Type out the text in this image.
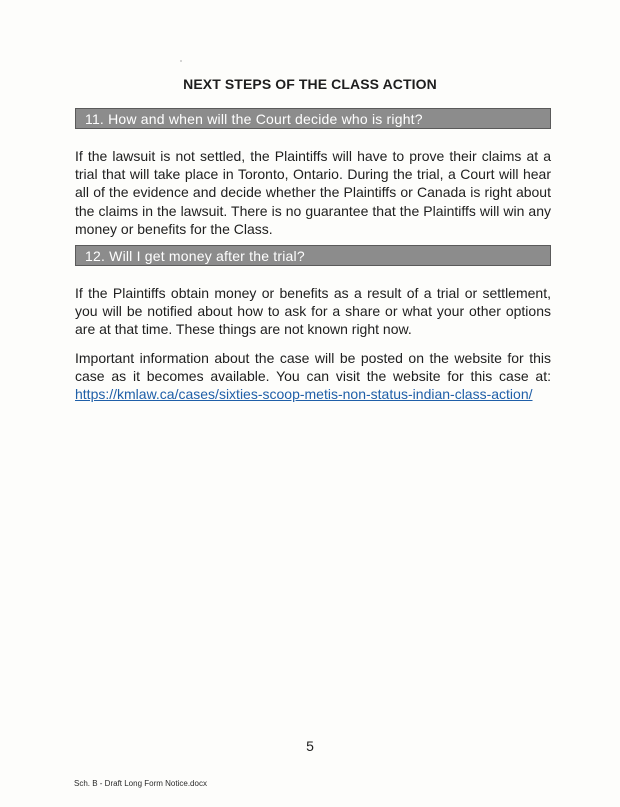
NEXT STEPS OF THE CLASS ACTION
11. How and when will the Court decide who is right?

If the lawsuit is not settled, the Plaintiffs will have to prove their claims at a trial that will take place in Toronto, Ontario. During the trial, a Court will hear all of the evidence and decide whether the Plaintiffs or Canada is right about the claims in the lawsuit. There is no guarantee that the Plaintiffs will win any money or benefits for the Class.

12. Will I get money after the trial?

If the Plaintiffs obtain money or benefits as a result of a trial or settlement, you will be notified about how to ask for a share or what your other options are at that time. These things are not known right now.

Important information about the case will be posted on the website for this case as it becomes available. You can visit the website for this case at: https://kmlaw.ca/cases/sixties-scoop-metis-non-status-indian-class-action/

5
Sch. B - Draft Long Form Notice.docx
